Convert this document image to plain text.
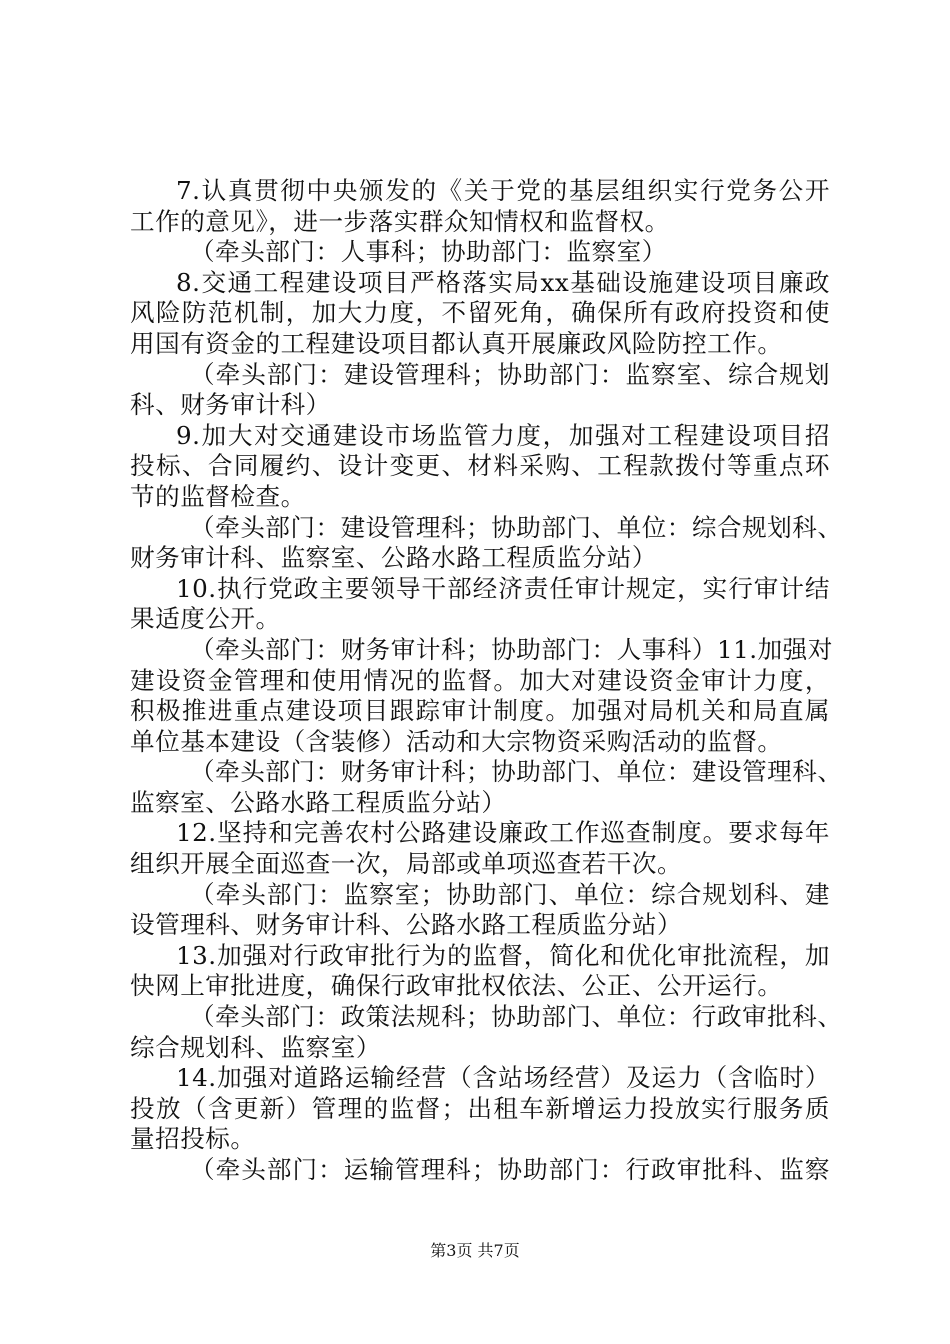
7.认真贯彻中央颁发的《关于党的基层组织实行党务公开
工作的意见》，进一步落实群众知情权和监督权。
（牵头部门：人事科；协助部门：监察室）
8.交通工程建设项目严格落实局xx基础设施建设项目廉政
风险防范机制，加大力度，不留死角，确保所有政府投资和使
用国有资金的工程建设项目都认真开展廉政风险防控工作。
（牵头部门：建设管理科；协助部门：监察室、综合规划
科、财务审计科）
9.加大对交通建设市场监管力度，加强对工程建设项目招
投标、合同履约、设计变更、材料采购、工程款拨付等重点环
节的监督检查。
（牵头部门：建设管理科；协助部门、单位：综合规划科、
财务审计科、监察室、公路水路工程质监分站）
10.执行党政主要领导干部经济责任审计规定，实行审计结
果适度公开。
（牵头部门：财务审计科；协助部门：人事科）11.加强对
建设资金管理和使用情况的监督。加大对建设资金审计力度，
积极推进重点建设项目跟踪审计制度。加强对局机关和局直属
单位基本建设（含装修）活动和大宗物资采购活动的监督。
（牵头部门：财务审计科；协助部门、单位：建设管理科、
监察室、公路水路工程质监分站）
12.坚持和完善农村公路建设廉政工作巡查制度。要求每年
组织开展全面巡查一次，局部或单项巡查若干次。
（牵头部门：监察室；协助部门、单位：综合规划科、建
设管理科、财务审计科、公路水路工程质监分站）
13.加强对行政审批行为的监督，简化和优化审批流程，加
快网上审批进度，确保行政审批权依法、公正、公开运行。
（牵头部门：政策法规科；协助部门、单位：行政审批科、
综合规划科、监察室）
14.加强对道路运输经营（含站场经营）及运力（含临时）
投放（含更新）管理的监督；出租车新增运力投放实行服务质
量招投标。
（牵头部门：运输管理科；协助部门：行政审批科、监察
第3页 共7页
